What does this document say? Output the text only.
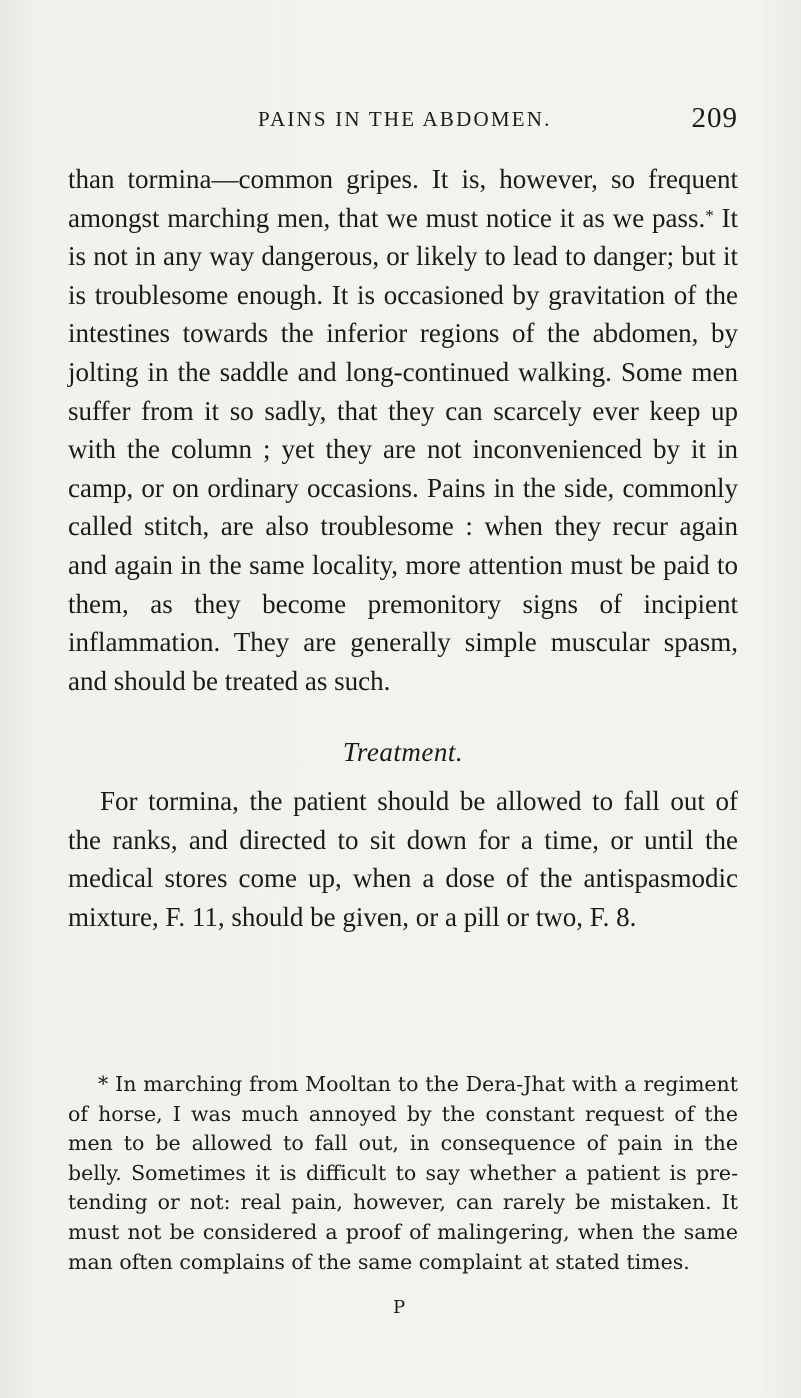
PAINS IN THE ABDOMEN.	209

than tormina—common gripes. It is, however, so frequent amongst marching men, that we must notice it as we pass.* It is not in any way dangerous, or likely to lead to danger; but it is troublesome enough. It is occasioned by gravitation of the intestines towards the inferior regions of the abdomen, by jolting in the saddle and long-continued walking. Some men suffer from it so sadly, that they can scarcely ever keep up with the column ; yet they are not inconvenienced by it in camp, or on ordinary occasions. Pains in the side, commonly called stitch, are also troublesome : when they recur again and again in the same locality, more attention must be paid to them, as they become premonitory signs of incipient inflammation. They are generally simple muscular spasm, and should be treated as such.

Treatment.

For tormina, the patient should be allowed to fall out of the ranks, and directed to sit down for a time, or until the medical stores come up, when a dose of the antispasmodic mixture, F. 11, should be given, or a pill or two, F. 8.

* In marching from Mooltan to the Dera-Jhat with a regiment of horse, I was much annoyed by the constant request of the men to be allowed to fall out, in consequence of pain in the belly. Sometimes it is difficult to say whether a patient is pretending or not: real pain, however, can rarely be mistaken. It must not be considered a proof of malingering, when the same man often complains of the same complaint at stated times.

P
